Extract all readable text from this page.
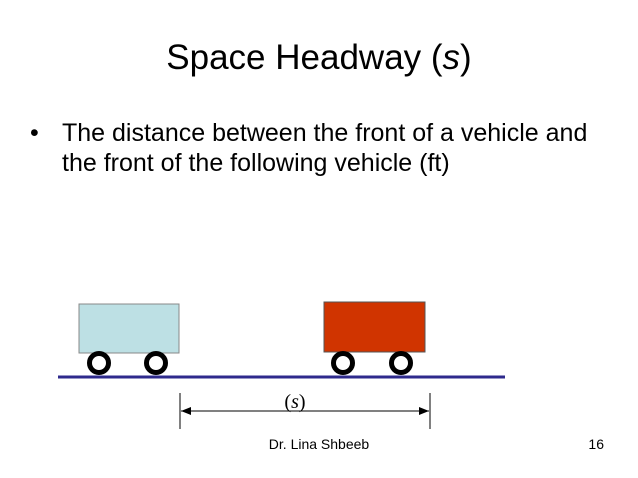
Space Headway (s)
• The distance between the front of a vehicle and the front of the following vehicle (ft)
(s)
Dr. Lina Shbeeb	16
